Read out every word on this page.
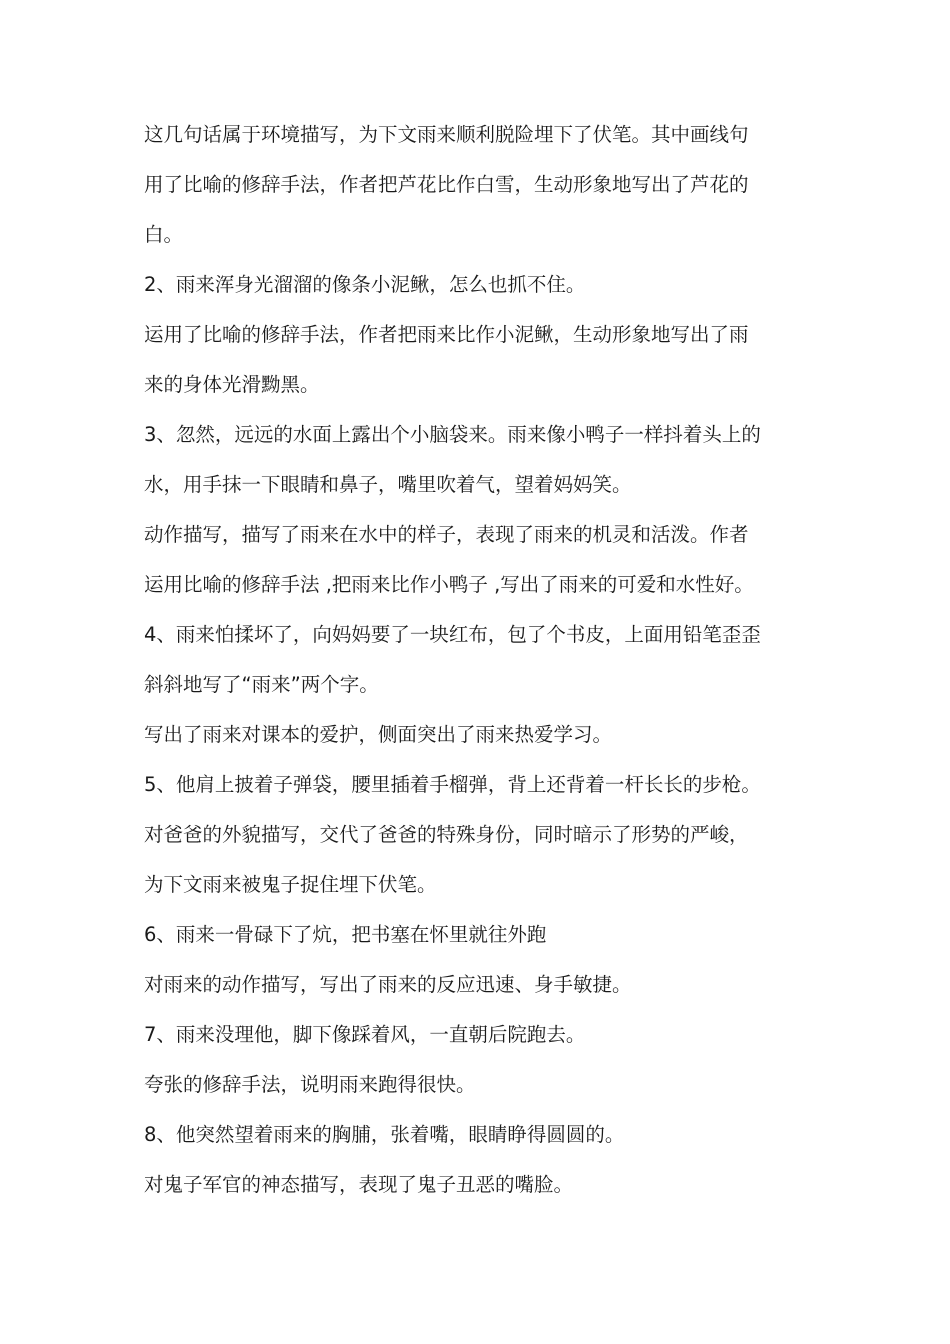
这几句话属于环境描写，为下文雨来顺利脱险埋下了伏笔。其中画线句

用了比喻的修辞手法，作者把芦花比作白雪，生动形象地写出了芦花的

白。

2、雨来浑身光溜溜的像条小泥鳅，怎么也抓不住。

运用了比喻的修辞手法，作者把雨来比作小泥鳅，生动形象地写出了雨

来的身体光滑黝黑。

3、忽然，远远的水面上露出个小脑袋来。雨来像小鸭子一样抖着头上的

水，用手抹一下眼睛和鼻子，嘴里吹着气，望着妈妈笑。

动作描写，描写了雨来在水中的样子，表现了雨来的机灵和活泼。作者

运用比喻的修辞手法 ,把雨来比作小鸭子 ,写出了雨来的可爱和水性好。

4、雨来怕揉坏了，向妈妈要了一块红布，包了个书皮，上面用铅笔歪歪

斜斜地写了“雨来”两个字。

写出了雨来对课本的爱护，侧面突出了雨来热爱学习。

5、他肩上披着子弹袋，腰里插着手榴弹，背上还背着一杆长长的步枪。

对爸爸的外貌描写，交代了爸爸的特殊身份，同时暗示了形势的严峻，

为下文雨来被鬼子捉住埋下伏笔。

6、雨来一骨碌下了炕，把书塞在怀里就往外跑

对雨来的动作描写，写出了雨来的反应迅速、身手敏捷。

7、雨来没理他，脚下像踩着风，一直朝后院跑去。

夸张的修辞手法，说明雨来跑得很快。

8、他突然望着雨来的胸脯，张着嘴，眼睛睁得圆圆的。

对鬼子军官的神态描写，表现了鬼子丑恶的嘴脸。
